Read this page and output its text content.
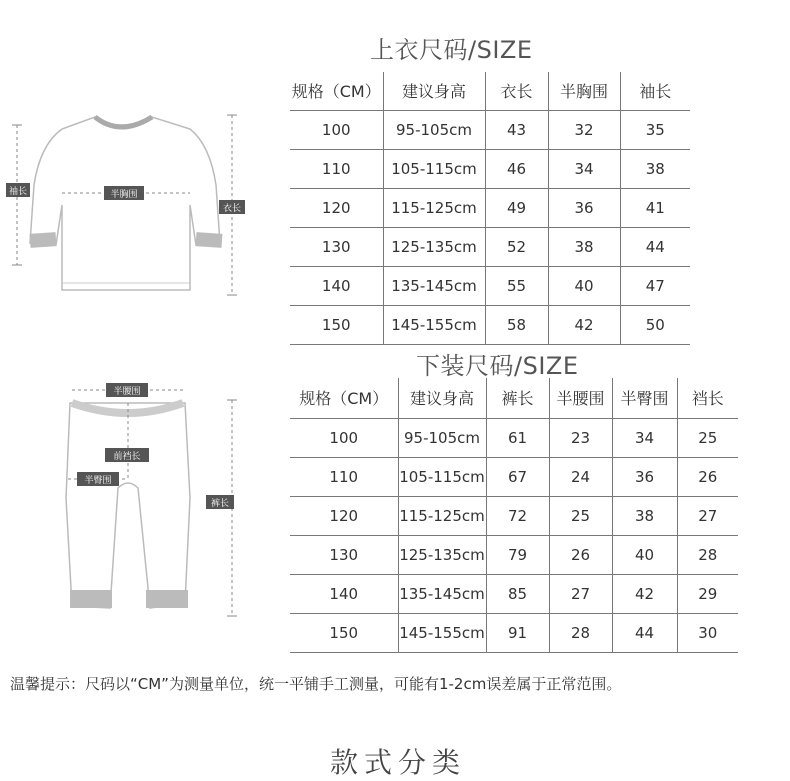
上衣尺码/SIZE
袖长	半胸围
衣长
规格（CM）	建议身高	衣长	半胸围	袖长
100	95-105cm	43	32	35
110	105-115cm	46	34	38
120	115-125cm	49	36	41
130	125-135cm	52	38	44
140	135-145cm	55	40	47
150	145-155cm	58	42	50
下装尺码/SIZE
半腰围
前裆长
半臀围
裤长
规格（CM）	建议身高	裤长	半腰围	半臀围	裆长
100	95-105cm	61	23	34	25
110	105-115cm	67	24	36	26
120	115-125cm	72	25	38	27
130	125-135cm	79	26	40	28
140	135-145cm	85	27	42	29
150	145-155cm	91	28	44	30
温馨提示：尺码以“CM”为测量单位，统一平铺手工测量，可能有1-2cm误差属于正常范围。
款式分类
